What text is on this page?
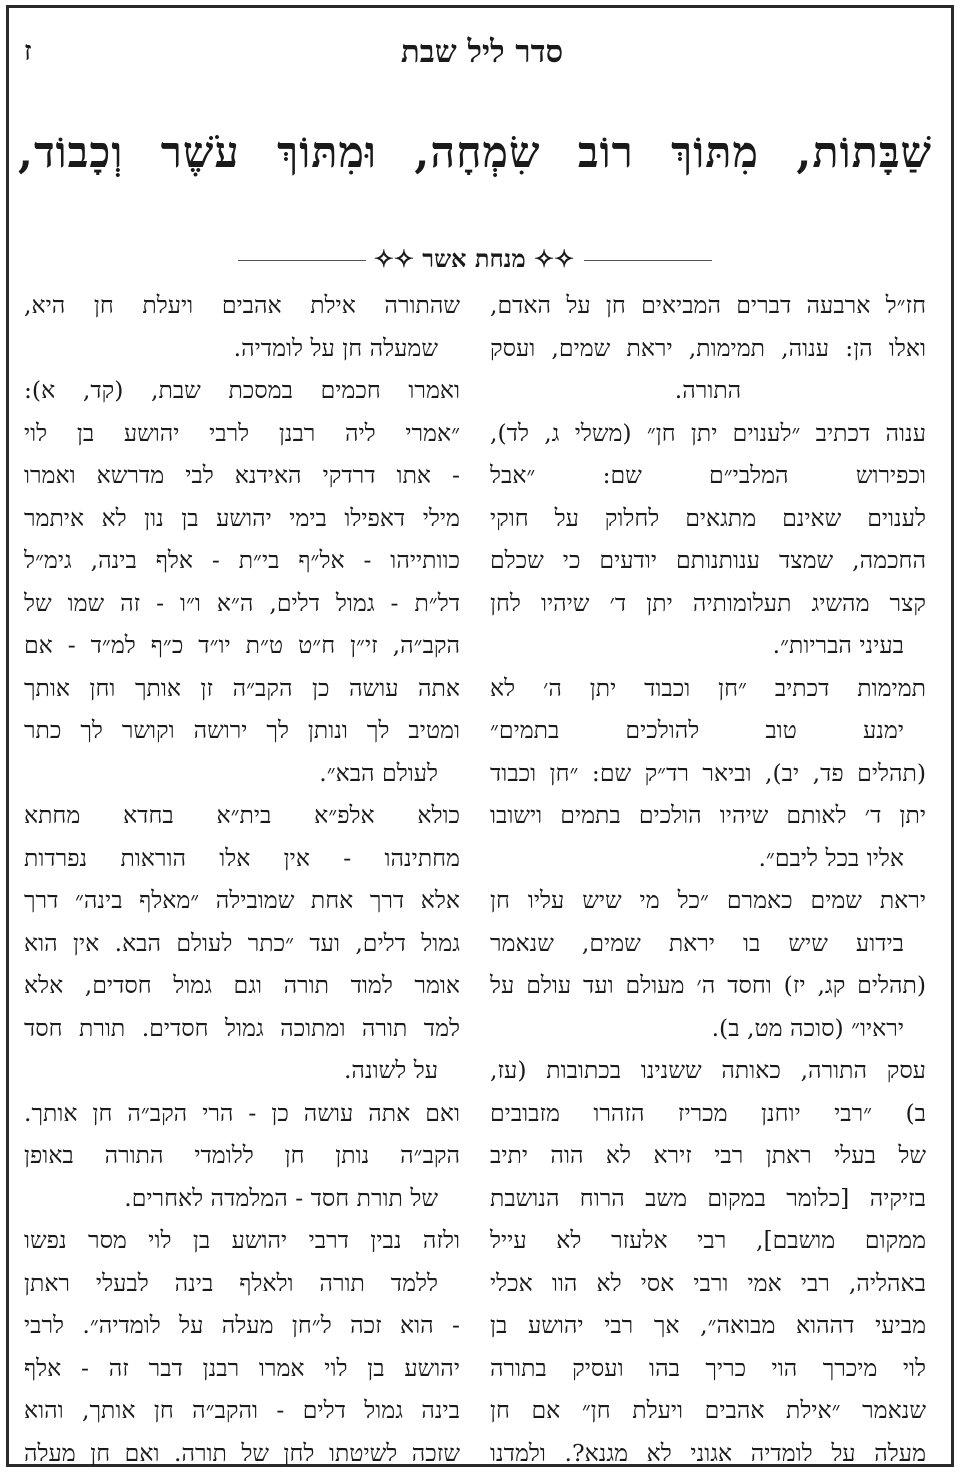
סדר ליל שבת
ז
שַׁבָּתוֹת, מִתּוֹךְ רוֹב שִׂמְחָה, וּמִתּוֹךְ עֹשֶׁר וְכָבוֹד,
✧✧ מנחת אשר ✧✧
חז״ל ארבעה דברים המביאים חן על האדם,
ואלו הן: ענוה, תמימות, יראת שמים, ועסק
התורה.
ענוה דכתיב ״לענוים יתן חן״ (משלי ג, לד),
וכפירוש המלבי״ם שם: ״אבל
לענוים שאינם מתגאים לחלוק על חוקי
החכמה, שמצד ענותנותם יודעים כי שכלם
קצר מהשיג תעלומותיה יתן ד׳ שיהיו לחן
בעיני הבריות״.
תמימות דכתיב ״חן וכבוד יתן ה׳ לא
ימנע טוב להולכים בתמים״
(תהלים פד, יב), וביאר רד״ק שם: ״חן וכבוד
יתן ד׳ לאותם שיהיו הולכים בתמים וישובו
אליו בכל ליבם״.
יראת שמים כאמרם ״כל מי שיש עליו חן
בידוע שיש בו יראת שמים, שנאמר
(תהלים קג, יז) וחסד ה׳ מעולם ועד עולם על
יראיו״ (סוכה מט, ב).
עסק התורה, כאותה ששנינו בכתובות (עז,
ב) ״רבי יוחנן מכריז הזהרו מזבובים
של בעלי ראתן רבי זירא לא הוה יתיב
בזיקיה [כלומר במקום משב הרוח הנושבת
ממקום מושבם], רבי אלעזר לא עייל
באהליה, רבי אמי ורבי אסי לא הוו אכלי
מביעי דההוא מבואה״, אך רבי יהושע בן
לוי מיכרך הוי כריך בהו ועסיק בתורה
שנאמר ״אילת אהבים ויעלת חן״ אם חן
מעלה על לומדיה אגוני לא מגנא?. ולמדנו
שהתורה אילת אהבים ויעלת חן היא,
שמעלה חן על לומדיה.
ואמרו חכמים במסכת שבת, (קד, א):
״אמרי ליה רבנן לרבי יהושע בן לוי
- אתו דרדקי האידנא לבי מדרשא ואמרו
מילי דאפילו בימי יהושע בן נון לא איתמר
כוותייהו - אל״ף בי״ת - אלף בינה, גימ״ל
דל״ת - גמול דלים, ה״א ו״ו - זה שמו של
הקב״ה, זי״ן ח״ט ט״ת יו״ד כ״ף למ״ד - אם
אתה עושה כן הקב״ה זן אותך וחן אותך
ומטיב לך ונותן לך ירושה וקושר לך כתר
לעולם הבא״.
כולא אלפ״א בית״א בחדא מחתא
מחתינהו - אין אלו הוראות נפרדות
אלא דרך אחת שמובילה ״מאלף בינה״ דרך
גמול דלים, ועד ״כתר לעולם הבא. אין הוא
אומר למוד תורה וגם גמול חסדים, אלא
למד תורה ומתוכה גמול חסדים. תורת חסד
על לשונה.
ואם אתה עושה כן - הרי הקב״ה חן אותך.
הקב״ה נותן חן ללומדי התורה באופן
של תורת חסד - המלמדה לאחרים.
ולזה נבין דרבי יהושע בן לוי מסר נפשו
ללמד תורה ולאלף בינה לבעלי ראתן
- הוא זכה ל״חן מעלה על לומדיה״. לרבי
יהושע בן לוי אמרו רבנן דבר זה - אלף
בינה גמול דלים - והקב״ה חן אותך, והוא
שזכה לשיטתו לחן של תורה. ואם חן מעלה
